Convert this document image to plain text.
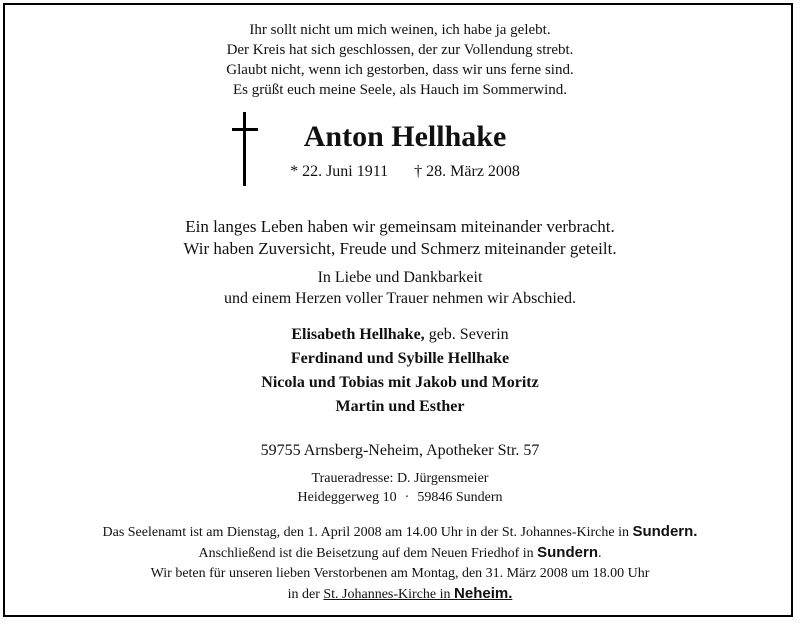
Ihr sollt nicht um mich weinen, ich habe ja gelebt.
Der Kreis hat sich geschlossen, der zur Vollendung strebt.
Glaubt nicht, wenn ich gestorben, dass wir uns ferne sind.
Es grüßt euch meine Seele, als Hauch im Sommerwind.
Anton Hellhake
* 22. Juni 1911 † 28. März 2008
Ein langes Leben haben wir gemeinsam miteinander verbracht.
Wir haben Zuversicht, Freude und Schmerz miteinander geteilt.
In Liebe und Dankbarkeit
und einem Herzen voller Trauer nehmen wir Abschied.
Elisabeth Hellhake, geb. Severin
Ferdinand und Sybille Hellhake
Nicola und Tobias mit Jakob und Moritz
Martin und Esther
59755 Arnsberg-Neheim, Apotheker Str. 57
Traueradresse: D. Jürgensmeier
Heideggerweg 10 · 59846 Sundern
Das Seelenamt ist am Dienstag, den 1. April 2008 am 14.00 Uhr in der St. Johannes-Kirche in Sundern.
Anschließend ist die Beisetzung auf dem Neuen Friedhof in Sundern.
Wir beten für unseren lieben Verstorbenen am Montag, den 31. März 2008 um 18.00 Uhr
in der St. Johannes-Kirche in Neheim.
